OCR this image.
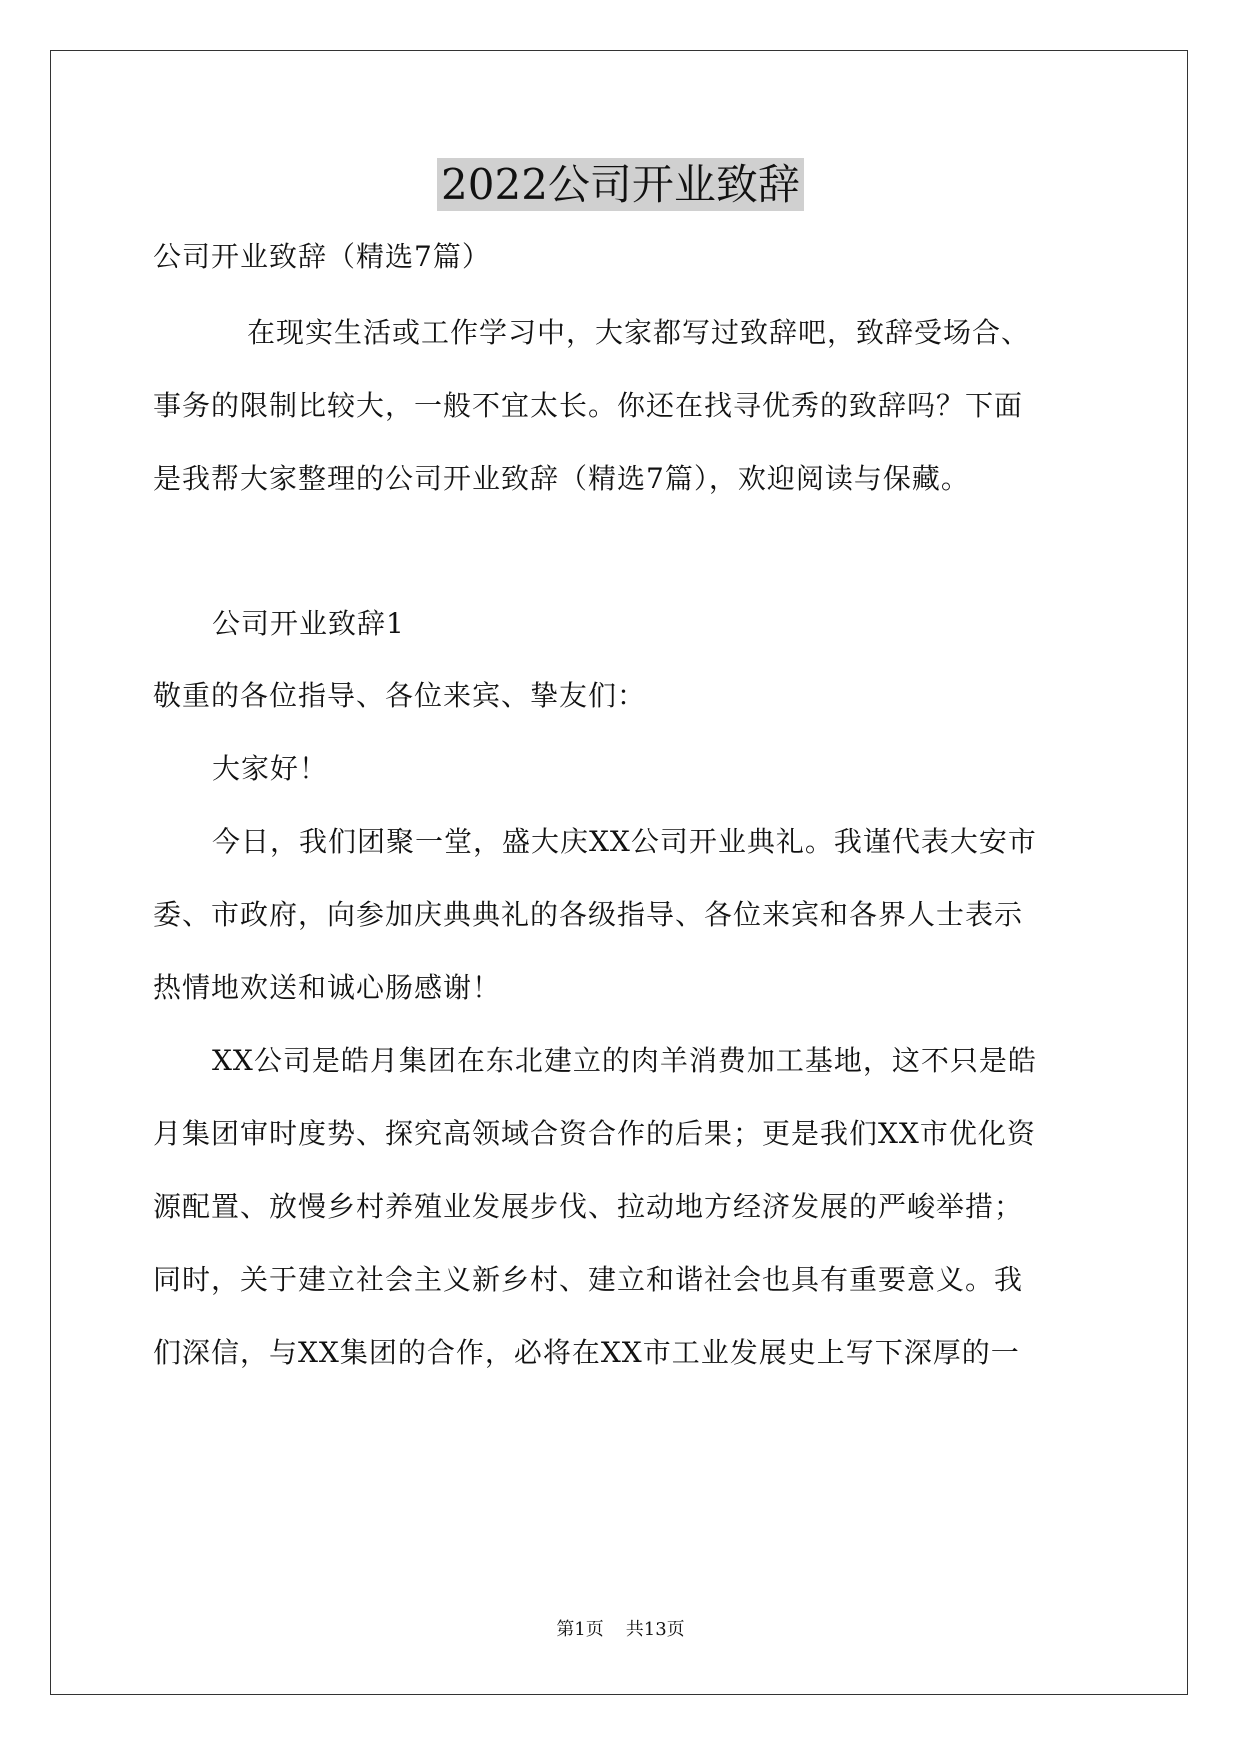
2022公司开业致辞
公司开业致辞（精选7篇）
在现实生活或工作学习中，大家都写过致辞吧，致辞受场合、
事务的限制比较大，一般不宜太长。你还在找寻优秀的致辞吗？下面
是我帮大家整理的公司开业致辞（精选7篇），欢迎阅读与保藏。
公司开业致辞1
敬重的各位指导、各位来宾、挚友们：
大家好！
今日，我们团聚一堂，盛大庆XX公司开业典礼。我谨代表大安市
委、市政府，向参加庆典典礼的各级指导、各位来宾和各界人士表示
热情地欢送和诚心肠感谢！
XX公司是皓月集团在东北建立的肉羊消费加工基地，这不只是皓
月集团审时度势、探究高领域合资合作的后果；更是我们XX市优化资
源配置、放慢乡村养殖业发展步伐、拉动地方经济发展的严峻举措；
同时，关于建立社会主义新乡村、建立和谐社会也具有重要意义。我
们深信，与XX集团的合作，必将在XX市工业发展史上写下深厚的一
第1页 共13页
